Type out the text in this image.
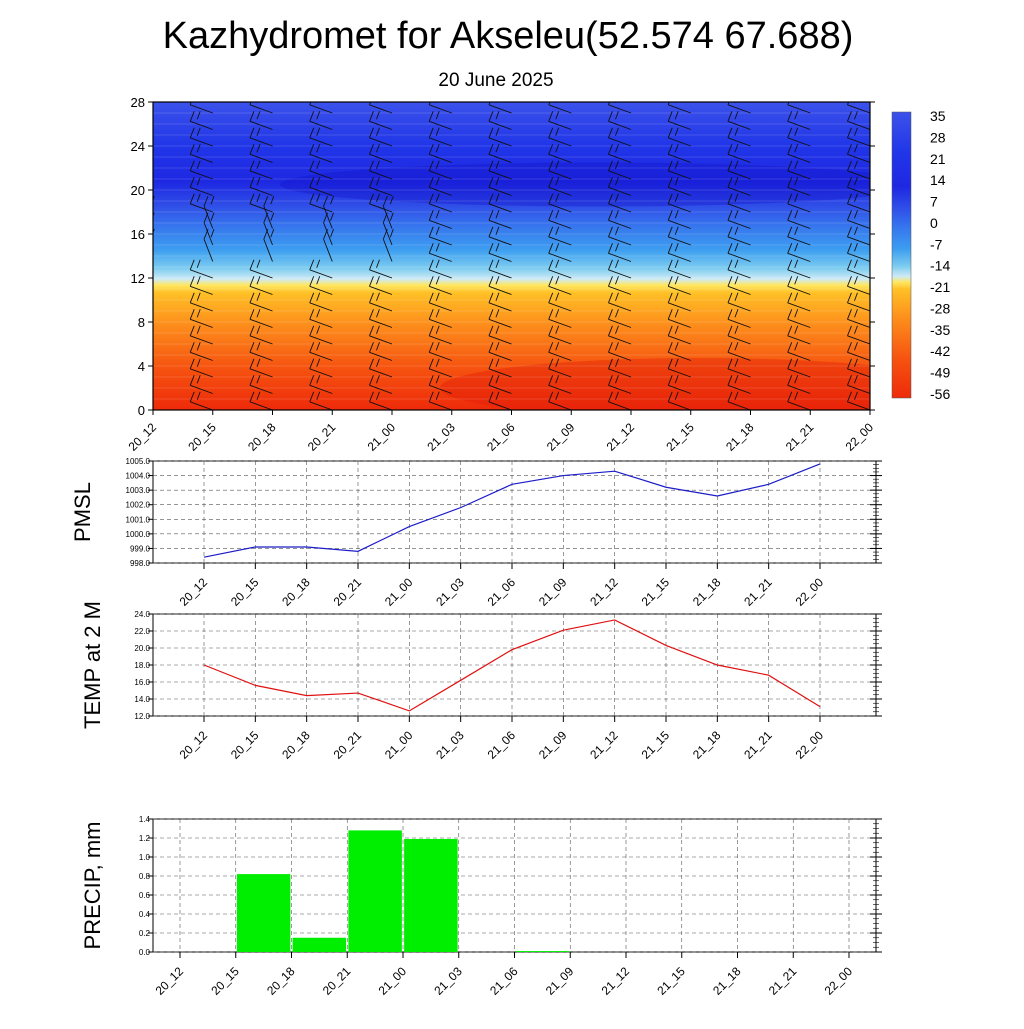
Kazhydromet for Akseleu(52.574 67.688)
20 June 2025
0
4
8
12
16
20
24
28
20_12 20_15 20_18 20_21 21_00 21_03 21_06 21_09 21_12 21_15 21_18 21_21 22_00
35
28
21
14
7
0
-7
-14
-21
-28
-35
-42
-49
-56
998.0
999.0
1000.0
1001.0
1002.0
1003.0
1004.0
1005.0
20_12 20_15 20_18 20_21 21_00 21_03 21_06 21_09 21_12 21_15 21_18 21_21 22_00
PMSL
12.0
14.0
16.0
18.0
20.0
22.0
24.0
20_12 20_15 20_18 20_21 21_00 21_03 21_06 21_09 21_12 21_15 21_18 21_21 22_00
TEMP at 2 M
0.0
0.2
0.4
0.6
0.8
1.0
1.2
1.4
20_12 20_15 20_18 20_21 21_00 21_03 21_06 21_09 21_12 21_15 21_18 21_21 22_00
PRECIP, mm
